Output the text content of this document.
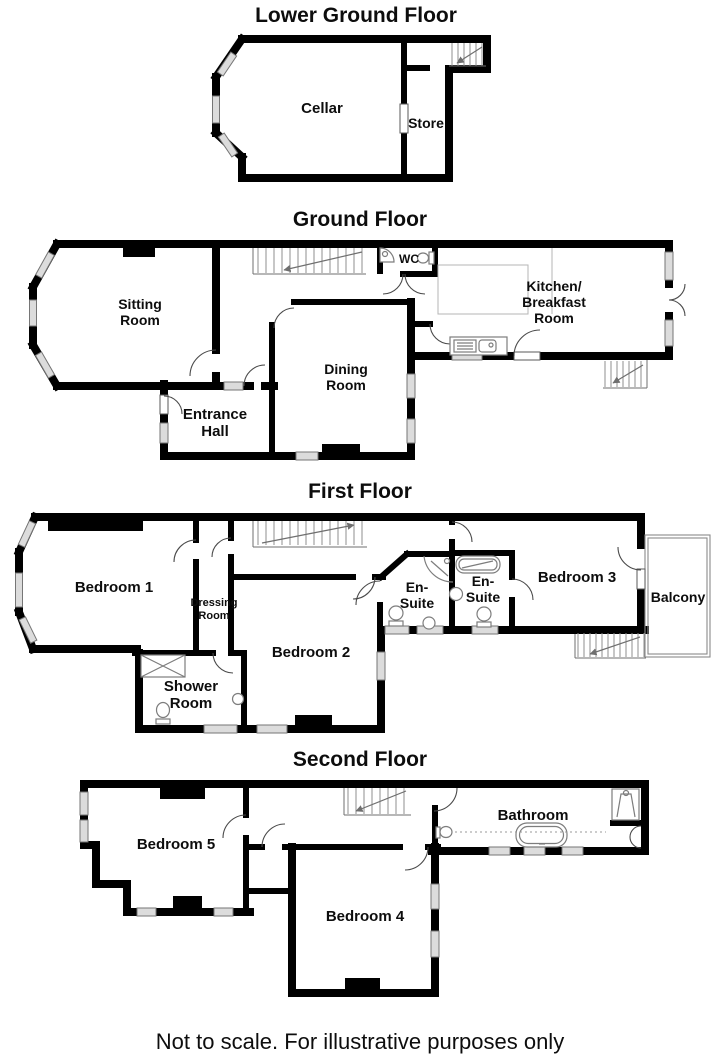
Lower Ground Floor
Cellar
Store
Ground Floor
Sitting
Room
WC
Kitchen/
Breakfast
Room
Dining
Room
Entrance
Hall
First Floor
Bedroom 1
Dressing
Room
Bedroom 2
En-
Suite
En-
Suite
Bedroom 3
Balcony
Shower
Room
Second Floor
Bedroom 5
Bathroom
Bedroom 4
Not to scale. For illustrative purposes only
